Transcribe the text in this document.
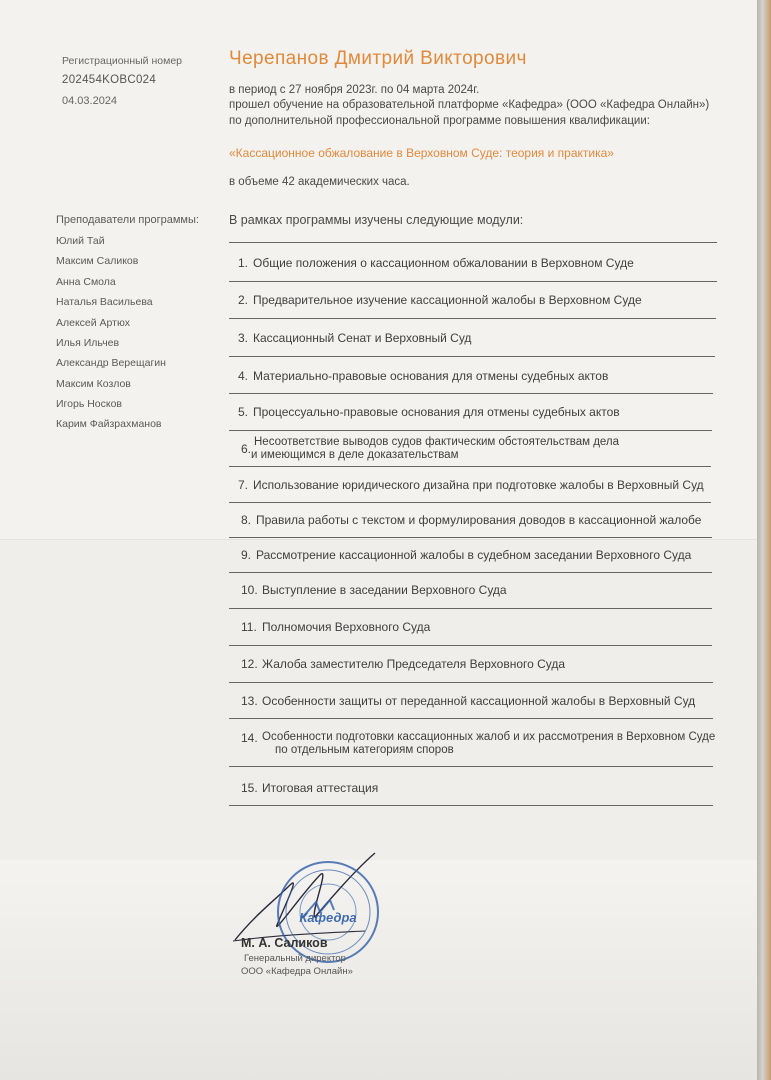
Регистрационный номер
202454KOBC024
04.03.2024
Черепанов Дмитрий Викторович
в период с 27 ноября 2023г. по 04 марта 2024г.
прошел обучение на образовательной платформе «Кафедра» (ООО «Кафедра Онлайн»)
по дополнительной профессиональной программе повышения квалификации:
«Кассационное обжалование в Верховном Суде: теория и практика»
в объеме 42 академических часа.
Преподаватели программы:
Юлий Тай
Максим Саликов
Анна Смола
Наталья Васильева
Алексей Артюх
Илья Ильчев
Александр Верещагин
Максим Козлов
Игорь Носков
Карим Файзрахманов
В рамках программы изучены следующие модули:
1. Общие положения о кассационном обжаловании в Верховном Суде
2. Предварительное изучение кассационной жалобы в Верховном Суде
3. Кассационный Сенат и Верховный Суд
4. Материально-правовые основания для отмены судебных актов
5. Процессуально-правовые основания для отмены судебных актов
6. Несоответствие выводов судов фактическим обстоятельствам дела
и имеющимся в деле доказательствам
7. Использование юридического дизайна при подготовке жалобы в Верховный Суд
8. Правила работы с текстом и формулирования доводов в кассационной жалобе
9. Рассмотрение кассационной жалобы в судебном заседании Верховного Суда
10. Выступление в заседании Верховного Суда
11. Полномочия Верховного Суда
12. Жалоба заместителю Председателя Верховного Суда
13. Особенности защиты от переданной кассационной жалобы в Верховный Суд
14. Особенности подготовки кассационных жалоб и их рассмотрения в Верховном Суде
по отдельным категориям споров
15. Итоговая аттестация
Кафедра
М. А. Саликов
Генеральный директор
ООО «Кафедра Онлайн»
